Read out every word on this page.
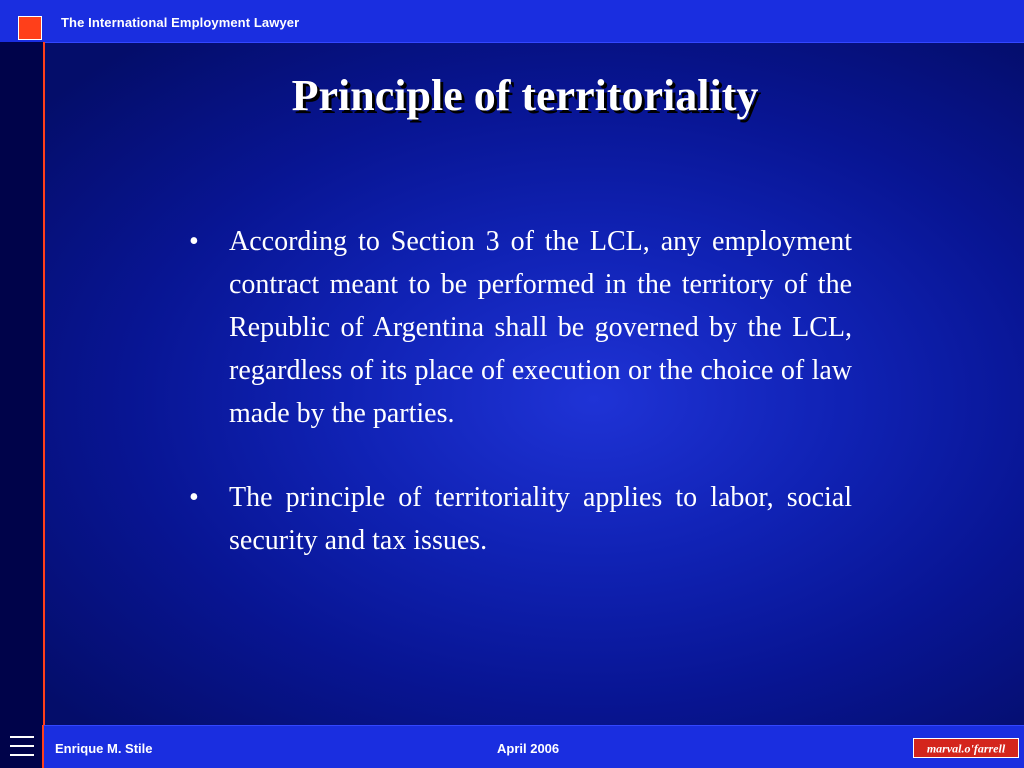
The International Employment Lawyer
Principle of territoriality
• According to Section 3 of the LCL, any employment contract meant to be performed in the territory of the Republic of Argentina shall be governed by the LCL, regardless of its place of execution or the choice of law made by the parties.
• The principle of territoriality applies to labor, social security and tax issues.
Enrique M. Stile	April 2006	marval.o'farrell
